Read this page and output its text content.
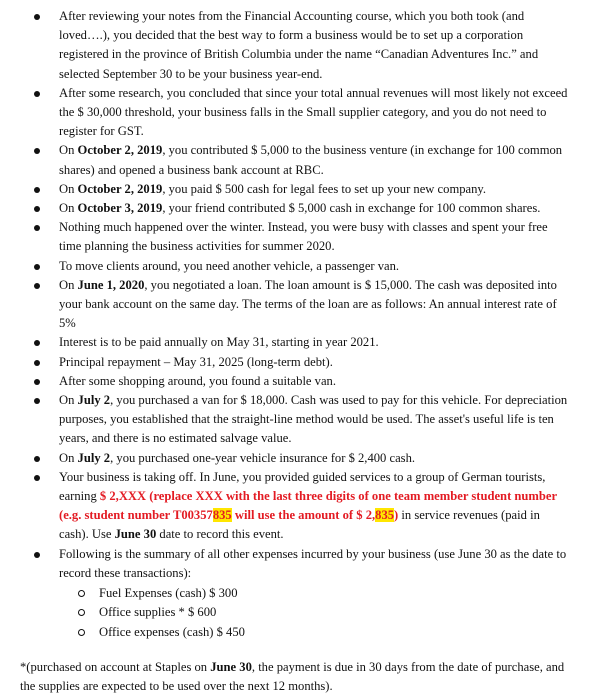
After reviewing your notes from the Financial Accounting course, which you both took (and loved….), you decided that the best way to form a business would be to set up a corporation registered in the province of British Columbia under the name “Canadian Adventures Inc.” and selected September 30 to be your business year-end.
After some research, you concluded that since your total annual revenues will most likely not exceed the $ 30,000 threshold, your business falls in the Small supplier category, and you do not need to register for GST.
On October 2, 2019, you contributed $ 5,000 to the business venture (in exchange for 100 common shares) and opened a business bank account at RBC.
On October 2, 2019, you paid $ 500 cash for legal fees to set up your new company.
On October 3, 2019, your friend contributed $ 5,000 cash in exchange for 100 common shares.
Nothing much happened over the winter. Instead, you were busy with classes and spent your free time planning the business activities for summer 2020.
To move clients around, you need another vehicle, a passenger van.
On June 1, 2020, you negotiated a loan. The loan amount is $ 15,000. The cash was deposited into your bank account on the same day. The terms of the loan are as follows: An annual interest rate of 5%
Interest is to be paid annually on May 31, starting in year 2021.
Principal repayment – May 31, 2025 (long-term debt).
After some shopping around, you found a suitable van.
On July 2, you purchased a van for $ 18,000. Cash was used to pay for this vehicle. For depreciation purposes, you established that the straight-line method would be used. The asset's useful life is ten years, and there is no estimated salvage value.
On July 2, you purchased one-year vehicle insurance for $ 2,400 cash.
Your business is taking off. In June, you provided guided services to a group of German tourists, earning $ 2,XXX (replace XXX with the last three digits of one team member student number (e.g. student number T00357835 will use the amount of $ 2,835) in service revenues (paid in cash). Use June 30 date to record this event.
Following is the summary of all other expenses incurred by your business (use June 30 as the date to record these transactions):
Fuel Expenses (cash) $ 300
Office supplies * $ 600
Office expenses (cash) $ 450
*(purchased on account at Staples on June 30, the payment is due in 30 days from the date of purchase, and the supplies are expected to be used over the next 12 months).
